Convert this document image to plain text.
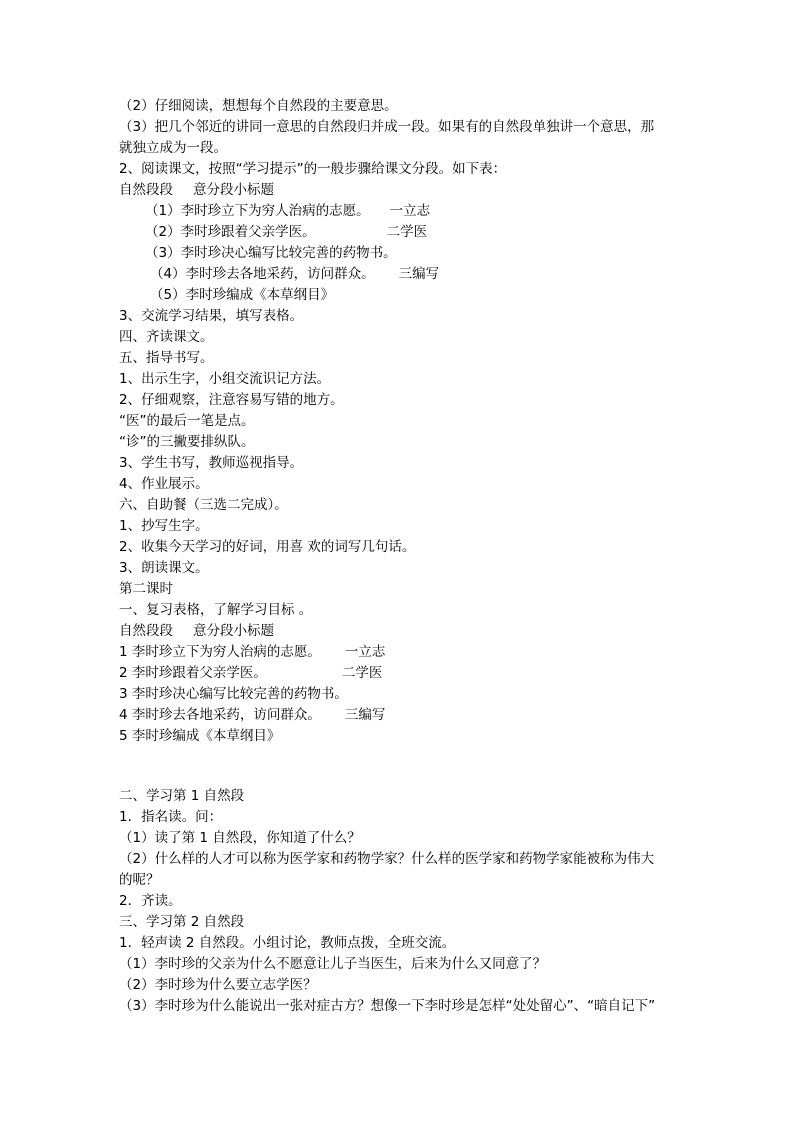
（2）仔细阅读，想想每个自然段的主要意思。
（3）把几个邻近的讲同一意思的自然段归并成一段。如果有的自然段单独讲一个意思，那
就独立成为一段。
2、阅读课文，按照“学习提示”的一般步骤给课文分段。如下表：
自然段段 意分段小标题
（1）李时珍立下为穷人治病的志愿。 一立志
（2）李时珍跟着父亲学医。	二学医
（3）李时珍决心编写比较完善的药物书。
（4）李时珍去各地采药，访问群众。 三编写
（5）李时珍编成《本草纲目》
3、交流学习结果，填写表格。
四、齐读课文。
五、指导书写。
1、出示生字，小组交流识记方法。
2、仔细观察，注意容易写错的地方。
“医”的最后一笔是点。
“诊”的三撇要排纵队。
3、学生书写，教师巡视指导。
4、作业展示。
六、自助餐（三选二完成）。
1、抄写生字。
2、收集今天学习的好词，用喜 欢的词写几句话。
3、朗读课文。
第二课时
一、复习表格，了解学习目标 。
自然段段 意分段小标题
1 李时珍立下为穷人治病的志愿。 一立志
2 李时珍跟着父亲学医。	二学医
3 李时珍决心编写比较完善的药物书。
4 李时珍去各地采药，访问群众。 三编写
5 李时珍编成《本草纲目》
二、学习第 1 自然段
1．指名读。问：
（1）读了第 1 自然段，你知道了什么？
（2）什么样的人才可以称为医学家和药物学家？什么样的医学家和药物学家能被称为伟大
的呢？
2．齐读。
三、学习第 2 自然段
1．轻声读 2 自然段。小组讨论，教师点拨，全班交流。
（1）李时珍的父亲为什么不愿意让儿子当医生，后来为什么又同意了？
（2）李时珍为什么要立志学医？
（3）李时珍为什么能说出一张对症古方？想像一下李时珍是怎样“处处留心”、“暗自记下”
